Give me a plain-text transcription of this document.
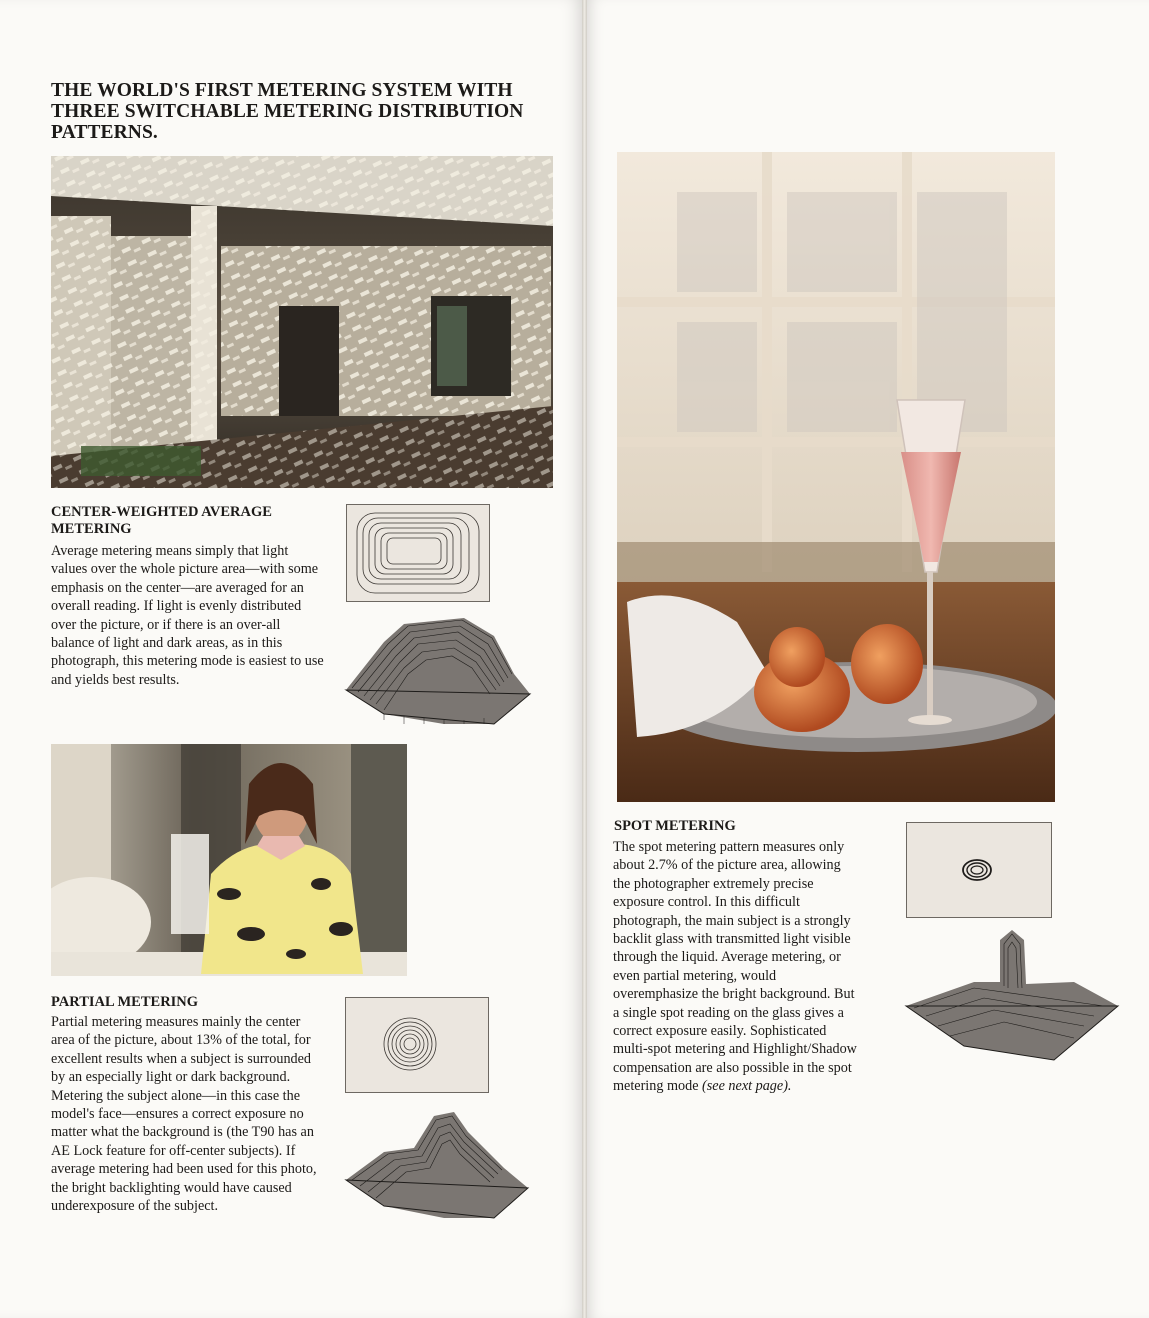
THE WORLD'S FIRST METERING SYSTEM WITH THREE SWITCHABLE METERING DISTRIBUTION PATTERNS.

CENTER-WEIGHTED AVERAGE METERING

Average metering means simply that light values over the whole picture area—with some emphasis on the center—are averaged for an overall reading. If light is evenly distributed over the picture, or if there is an over-all balance of light and dark areas, as in this photograph, this metering mode is easiest to use and yields best results.

PARTIAL METERING

Partial metering measures mainly the center area of the picture, about 13% of the total, for excellent results when a subject is surrounded by an especially light or dark background. Metering the subject alone—in this case the model's face—ensures a correct exposure no matter what the background is (the T90 has an AE Lock feature for off-center subjects). If average metering had been used for this photo, the bright backlighting would have caused underexposure of the subject.

SPOT METERING

The spot metering pattern measures only about 2.7% of the picture area, allowing the photographer extremely precise exposure control. In this difficult photograph, the main subject is a strongly backlit glass with transmitted light visible through the liquid. Average metering, or even partial metering, would overemphasize the bright background. But a single spot reading on the glass gives a correct exposure easily. Sophisticated multi-spot metering and Highlight/Shadow compensation are also possible in the spot metering mode (see next page).
